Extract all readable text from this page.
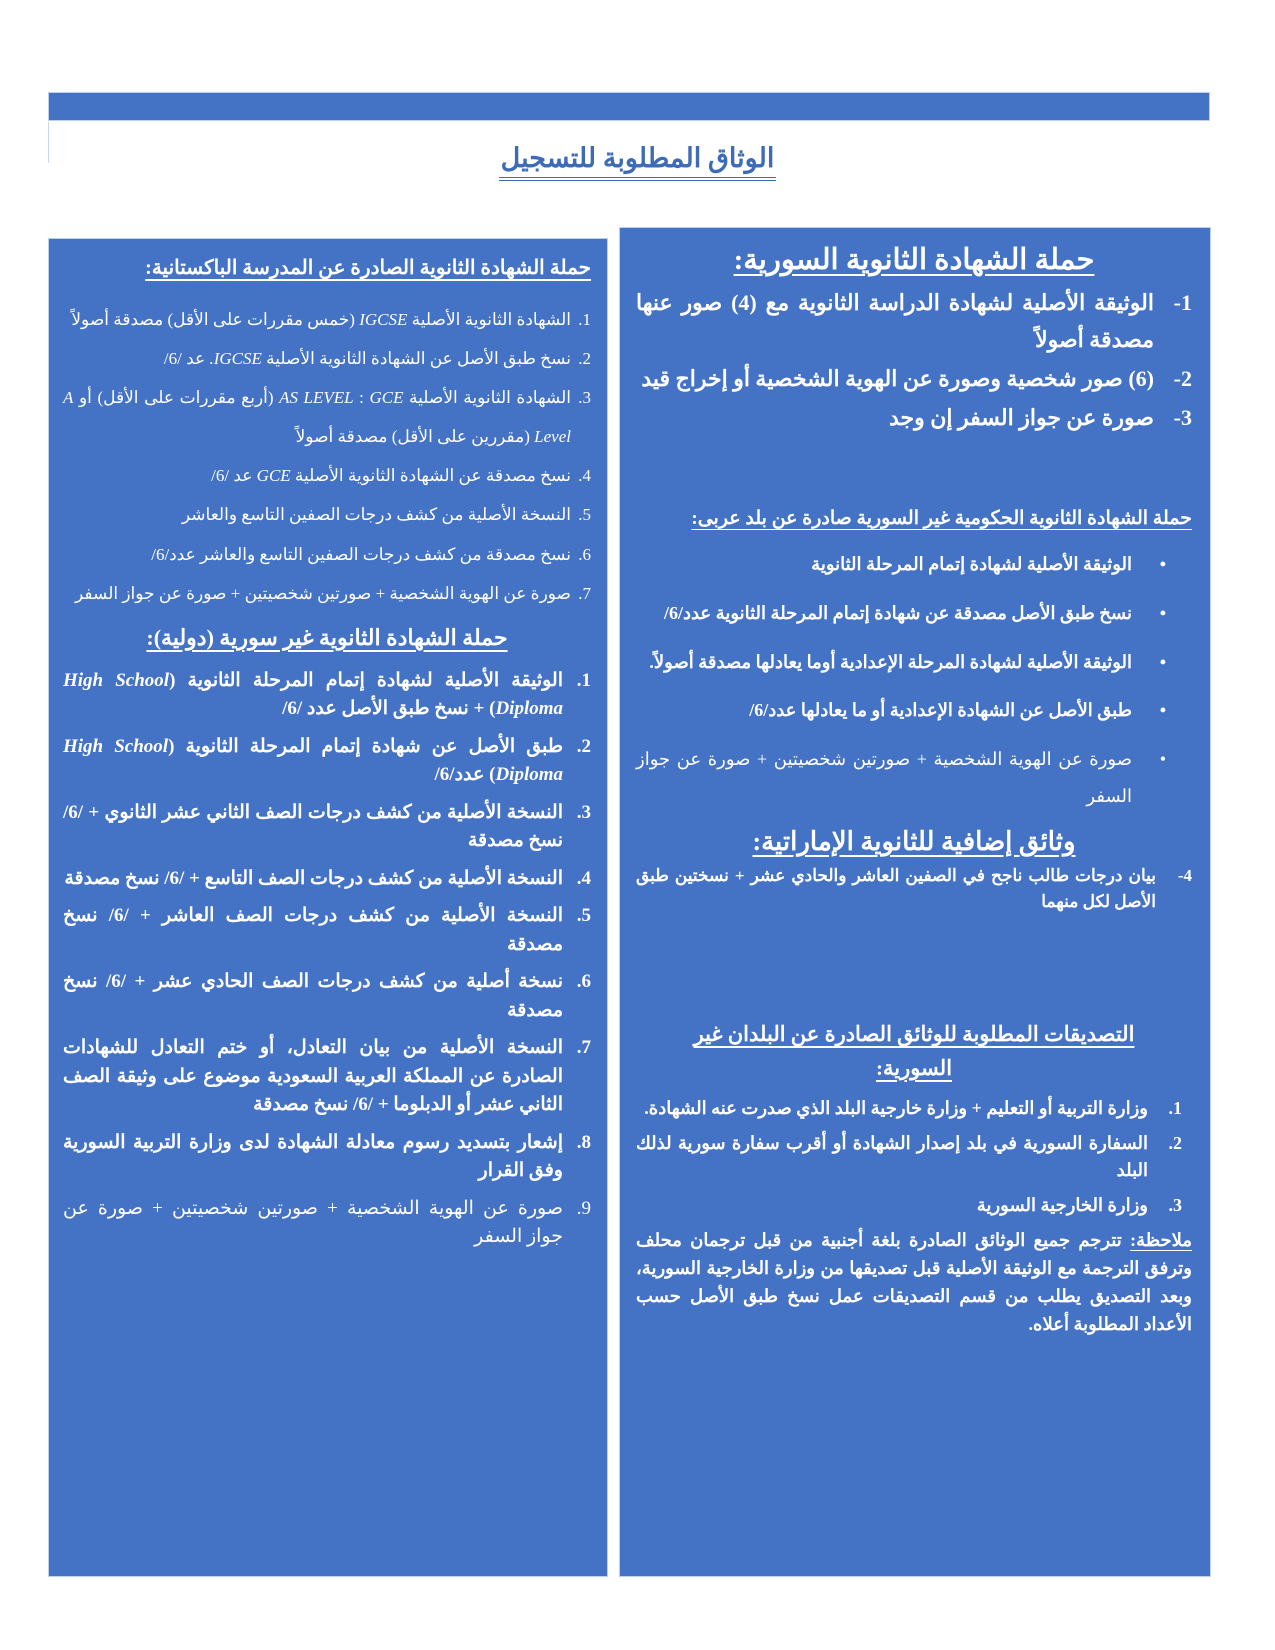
الوثاق المطلوبة للتسجيل
حملة الشهادة الثانوية الصادرة عن المدرسة الباكستانية:
1.
الشهادة الثانوية الأصلية IGCSE (خمس مقررات على الأقل) مصدقة أصولاً
2.
نسخ طبق الأصل عن الشهادة الثانوية الأصلية IGCSE. عد /6/
3.
الشهادة الثانوية الأصلية AS LEVEL : GCE (أربع مقررات على الأقل) أو A Level (مقررين على الأقل) مصدقة أصولاً
4.
نسخ مصدقة عن الشهادة الثانوية الأصلية GCE عد /6/
5.
النسخة الأصلية من كشف درجات الصفين التاسع والعاشر
6.
نسخ مصدقة من كشف درجات الصفين التاسع والعاشر عدد/6/
7.
صورة عن الهوية الشخصية + صورتين شخصيتين + صورة عن جواز السفر
حملة الشهادة الثانوية غير سورية (دولية):
1.
الوثيقة الأصلية لشهادة إتمام المرحلة الثانوية (High School Diploma) + نسخ طبق الأصل عدد /6/
2.
طبق الأصل عن شهادة إتمام المرحلة الثانوية (High School Diploma) عدد/6/
3.
النسخة الأصلية من كشف درجات الصف الثاني عشر الثانوي + /6/ نسخ مصدقة
4.
النسخة الأصلية من كشف درجات الصف التاسع + /6/ نسخ مصدقة
5.
النسخة الأصلية من كشف درجات الصف العاشر + /6/ نسخ مصدقة
6.
نسخة أصلية من كشف درجات الصف الحادي عشر + /6/ نسخ مصدقة
7.
النسخة الأصلية من بيان التعادل، أو ختم التعادل للشهادات الصادرة عن المملكة العربية السعودية موضوع على وثيقة الصف الثاني عشر أو الدبلوما + /6/ نسخ مصدقة
8.
إشعار بتسديد رسوم معادلة الشهادة لدى وزارة التربية السورية وفق القرار
9.
صورة عن الهوية الشخصية + صورتين شخصيتين + صورة عن جواز السفر
حملة الشهادة الثانوية السورية:
1-
الوثيقة الأصلية لشهادة الدراسة الثانوية مع (4) صور عنها مصدقة أصولاً
2-
(6) صور شخصية وصورة عن الهوية الشخصية أو إخراج قيد
3-
صورة عن جواز السفر إن وجد
حملة الشهادة الثانوية الحكومية غير السورية صادرة عن بلد عربى:
•
الوثيقة الأصلية لشهادة إتمام المرحلة الثانوية
•
نسخ طبق الأصل مصدقة عن شهادة إتمام المرحلة الثانوية عدد/6/
•
الوثيقة الأصلية لشهادة المرحلة الإعدادية أوما يعادلها مصدقة أصولاً.
•
طبق الأصل عن الشهادة الإعدادية أو ما يعادلها عدد/6/
•
صورة عن الهوية الشخصية + صورتين شخصيتين + صورة عن جواز السفر
وثائق إضافية للثانوية الإماراتية:
4-
بيان درجات طالب ناجح في الصفين العاشر والحادي عشر + نسختين طبق الأصل لكل منهما
التصديقات المطلوبة للوثائق الصادرة عن البلدان غير السورية:
1.
وزارة التربية أو التعليم + وزارة خارجية البلد الذي صدرت عنه الشهادة.
2.
السفارة السورية في بلد إصدار الشهادة أو أقرب سفارة سورية لذلك البلد
3.
وزارة الخارجية السورية
ملاحظة: تترجم جميع الوثائق الصادرة بلغة أجنبية من قبل ترجمان محلف وترفق الترجمة مع الوثيقة الأصلية قبل تصديقها من وزارة الخارجية السورية، وبعد التصديق يطلب من قسم التصديقات عمل نسخ طبق الأصل حسب الأعداد المطلوبة أعلاه.
